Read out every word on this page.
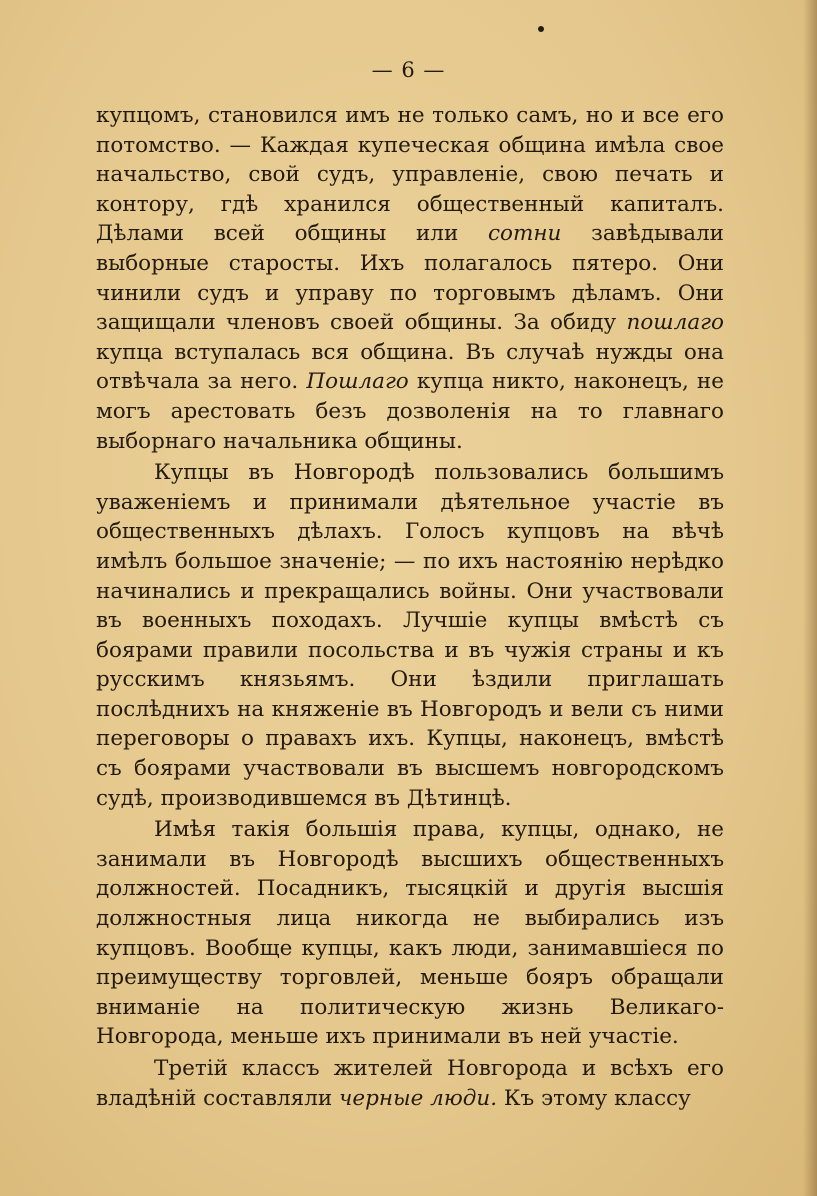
— 6 —

купцомъ, становился имъ не только самъ, но и все его потомство. — Каждая купеческая община имѣла свое начальство, свой судъ, управленіе, свою печать и контору, гдѣ хранился общественный капиталъ. Дѣлами всей общины или сотни завѣдывали выборные старосты. Ихъ полагалось пятеро. Они чинили судъ и управу по торговымъ дѣламъ. Они защищали членовъ своей общины. За обиду пошлаго купца вступалась вся община. Въ случаѣ нужды она отвѣчала за него. Пошлаго купца никто, наконецъ, не могъ арестовать безъ дозволенія на то главнаго выборнаго начальника общины.

Купцы въ Новгородѣ пользовались большимъ уваженіемъ и принимали дѣятельное участіе въ общественныхъ дѣлахъ. Голосъ купцовъ на вѣчѣ имѣлъ большое значеніе; — по ихъ настоянію нерѣдко начинались и прекращались войны. Они участвовали въ военныхъ походахъ. Лучшіе купцы вмѣстѣ съ боярами правили посольства и въ чужія страны и къ русскимъ князьямъ. Они ѣздили приглашать послѣднихъ на княженіе въ Новгородъ и вели съ ними переговоры о правахъ ихъ. Купцы, наконецъ, вмѣстѣ съ боярами участвовали въ высшемъ новгородскомъ судѣ, производившемся въ Дѣтинцѣ.

Имѣя такія большія права, купцы, однако, не занимали въ Новгородѣ высшихъ общественныхъ должностей. Посадникъ, тысяцкій и другія высшія должностныя лица никогда не выбирались изъ купцовъ. Вообще купцы, какъ люди, занимавшіеся по преимуществу торговлей, меньше бояръ обращали вниманіе на политическую жизнь Великаго-Новгорода, меньше ихъ принимали въ ней участіе.

Третій классъ жителей Новгорода и всѣхъ его владѣній составляли черные люди. Къ этому классу
